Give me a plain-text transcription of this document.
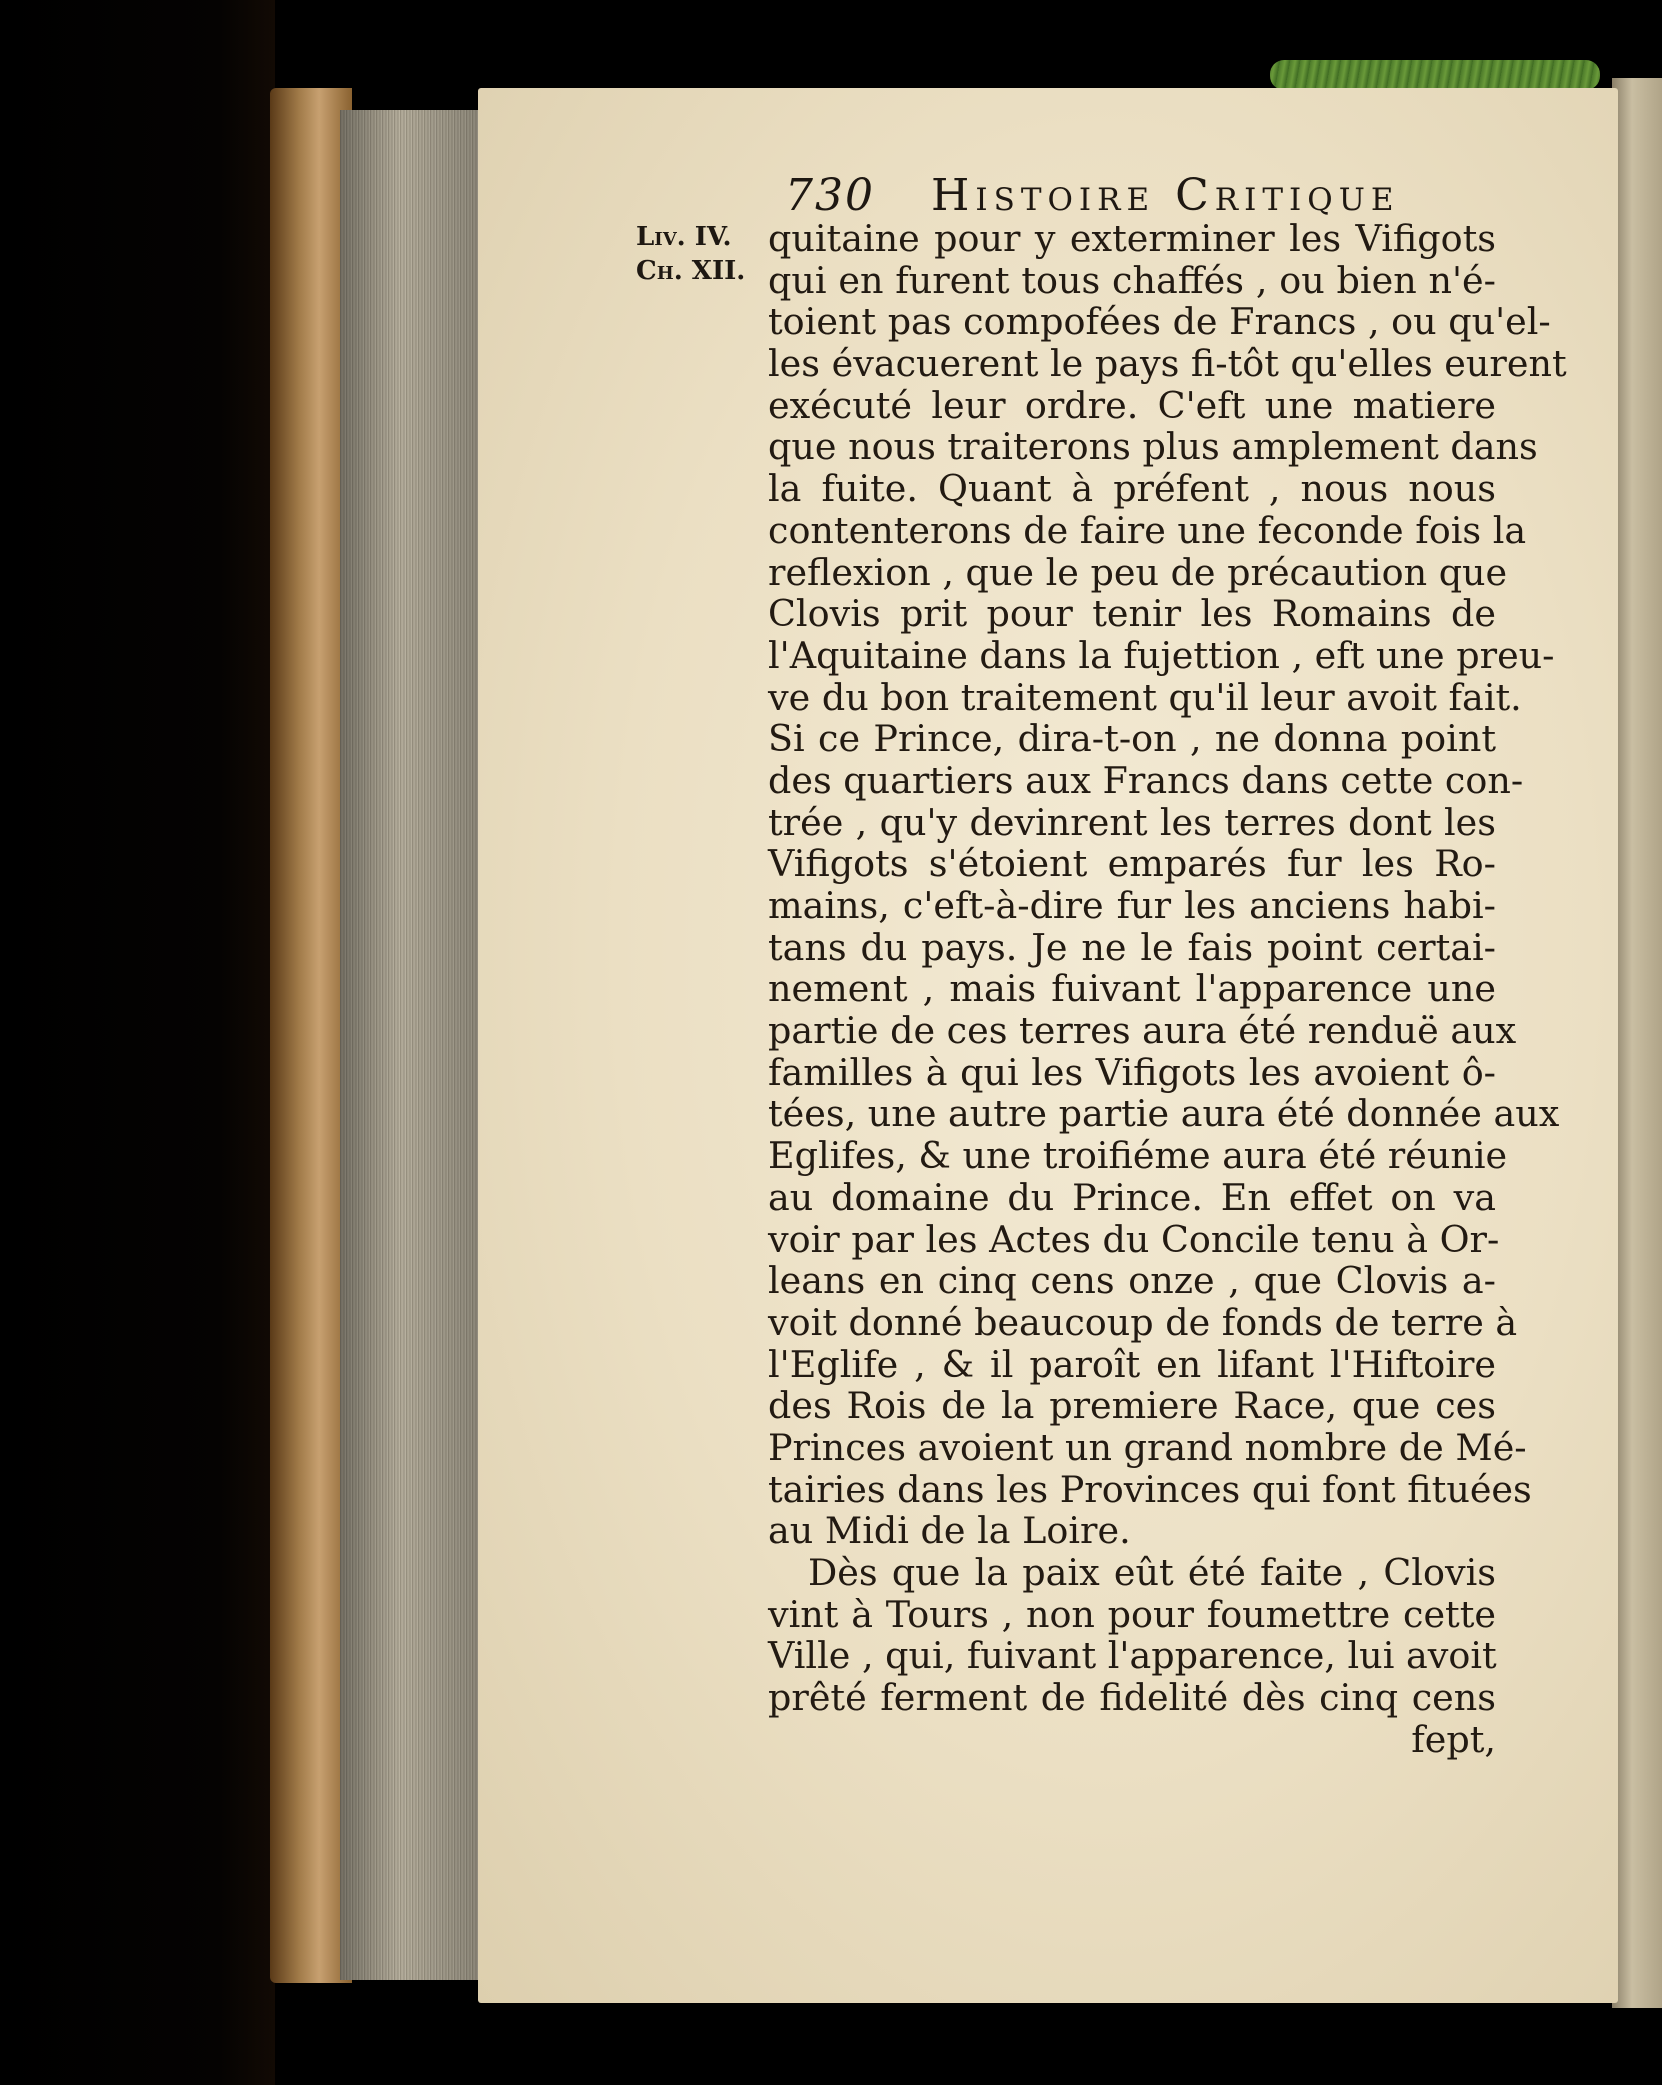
730 Histoire Critique
Liv. IV.
Ch. XII.
quitaine pour y exterminer les Vifigots
qui en furent tous chaffés , ou bien n'é-
toient pas compofées de Francs , ou qu'el-
les évacuerent le pays fi-tôt qu'elles eurent
exécuté leur ordre. C'eft une matiere
que nous traiterons plus amplement dans
la fuite. Quant à préfent , nous nous
contenterons de faire une feconde fois la
reflexion , que le peu de précaution que
Clovis prit pour tenir les Romains de
l'Aquitaine dans la fujettion , eft une preu-
ve du bon traitement qu'il leur avoit fait.
Si ce Prince, dira-t-on , ne donna point
des quartiers aux Francs dans cette con-
trée , qu'y devinrent les terres dont les
Vifigots s'étoient emparés fur les Ro-
mains, c'eft-à-dire fur les anciens habi-
tans du pays. Je ne le fais point certai-
nement , mais fuivant l'apparence une
partie de ces terres aura été renduë aux
familles à qui les Vifigots les avoient ô-
tées, une autre partie aura été donnée aux
Eglifes, & une troifiéme aura été réunie
au domaine du Prince. En effet on va
voir par les Actes du Concile tenu à Or-
leans en cinq cens onze , que Clovis a-
voit donné beaucoup de fonds de terre à
l'Eglife , & il paroît en lifant l'Hiftoire
des Rois de la premiere Race, que ces
Princes avoient un grand nombre de Mé-
tairies dans les Provinces qui font fituées
au Midi de la Loire.
Dès que la paix eût été faite , Clovis
vint à Tours , non pour foumettre cette
Ville , qui, fuivant l'apparence, lui avoit
prêté ferment de fidelité dès cinq cens
fept,
